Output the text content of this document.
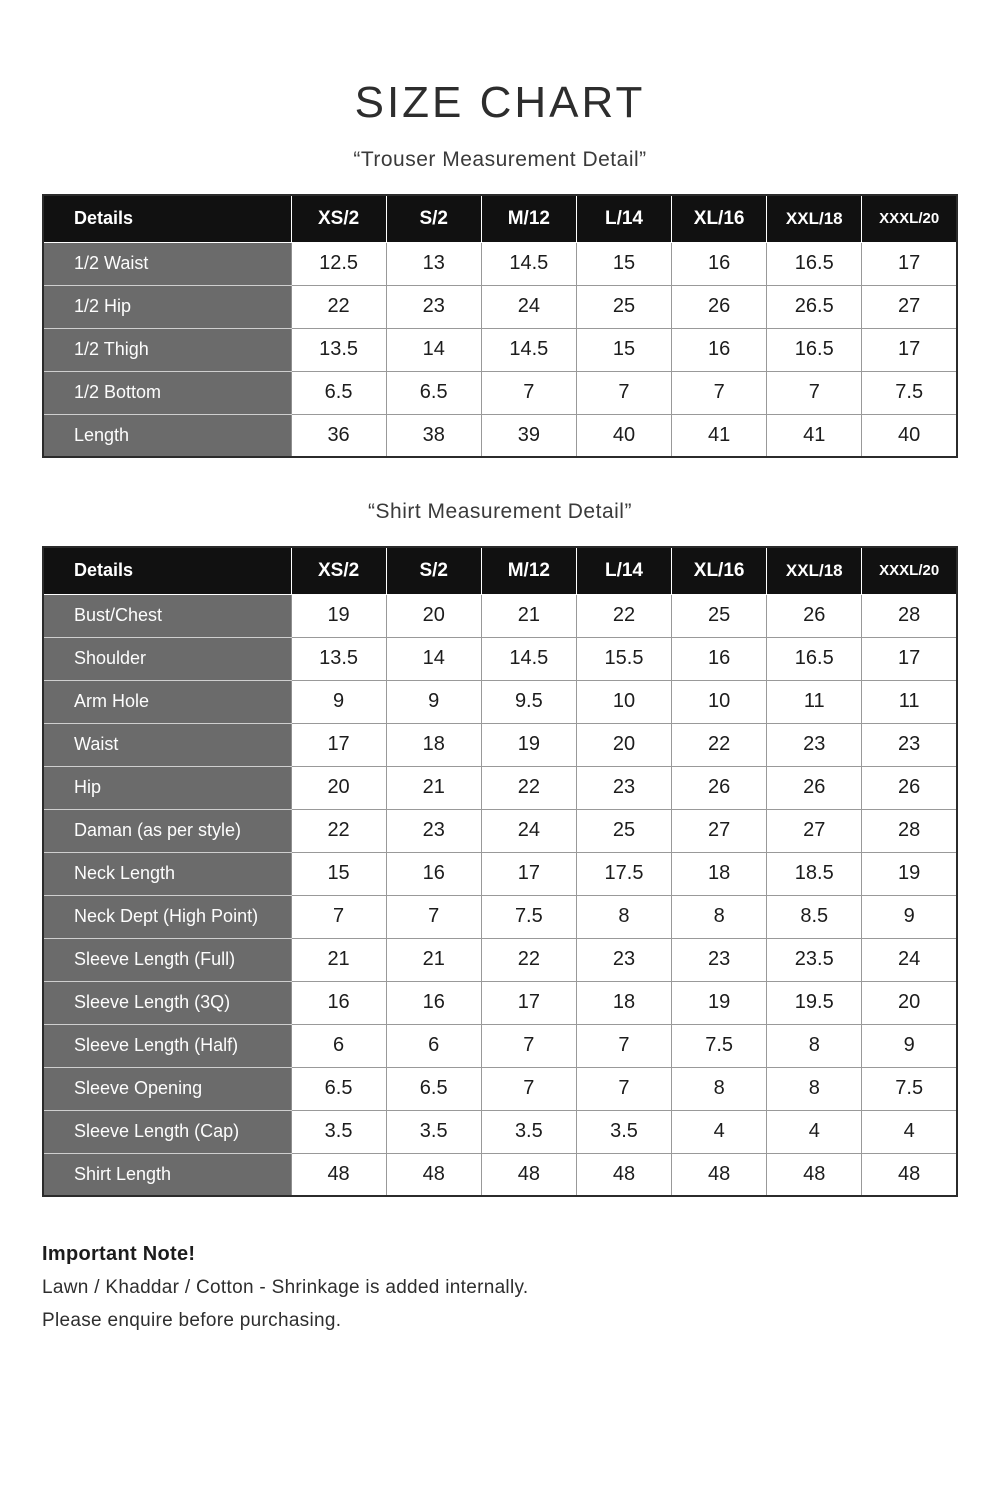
SIZE CHART
“Trouser Measurement Detail”
Details	XS/2	S/2	M/12	L/14	XL/16	XXL/18	XXXL/20
1/2 Waist	12.5	13	14.5	15	16	16.5	17
1/2 Hip	22	23	24	25	26	26.5	27
1/2 Thigh	13.5	14	14.5	15	16	16.5	17
1/2 Bottom	6.5	6.5	7	7	7	7	7.5
Length	36	38	39	40	41	41	40
“Shirt Measurement Detail”
Details	XS/2	S/2	M/12	L/14	XL/16	XXL/18	XXXL/20
Bust/Chest	19	20	21	22	25	26	28
Shoulder	13.5	14	14.5	15.5	16	16.5	17
Arm Hole	9	9	9.5	10	10	11	11
Waist	17	18	19	20	22	23	23
Hip	20	21	22	23	26	26	26
Daman (as per style)	22	23	24	25	27	27	28
Neck Length	15	16	17	17.5	18	18.5	19
Neck Dept (High Point)	7	7	7.5	8	8	8.5	9
Sleeve Length (Full)	21	21	22	23	23	23.5	24
Sleeve Length (3Q)	16	16	17	18	19	19.5	20
Sleeve Length (Half)	6	6	7	7	7.5	8	9
Sleeve Opening	6.5	6.5	7	7	8	8	7.5
Sleeve Length (Cap)	3.5	3.5	3.5	3.5	4	4	4
Shirt Length	48	48	48	48	48	48	48
Important Note!
Lawn / Khaddar / Cotton - Shrinkage is added internally.
Please enquire before purchasing.
